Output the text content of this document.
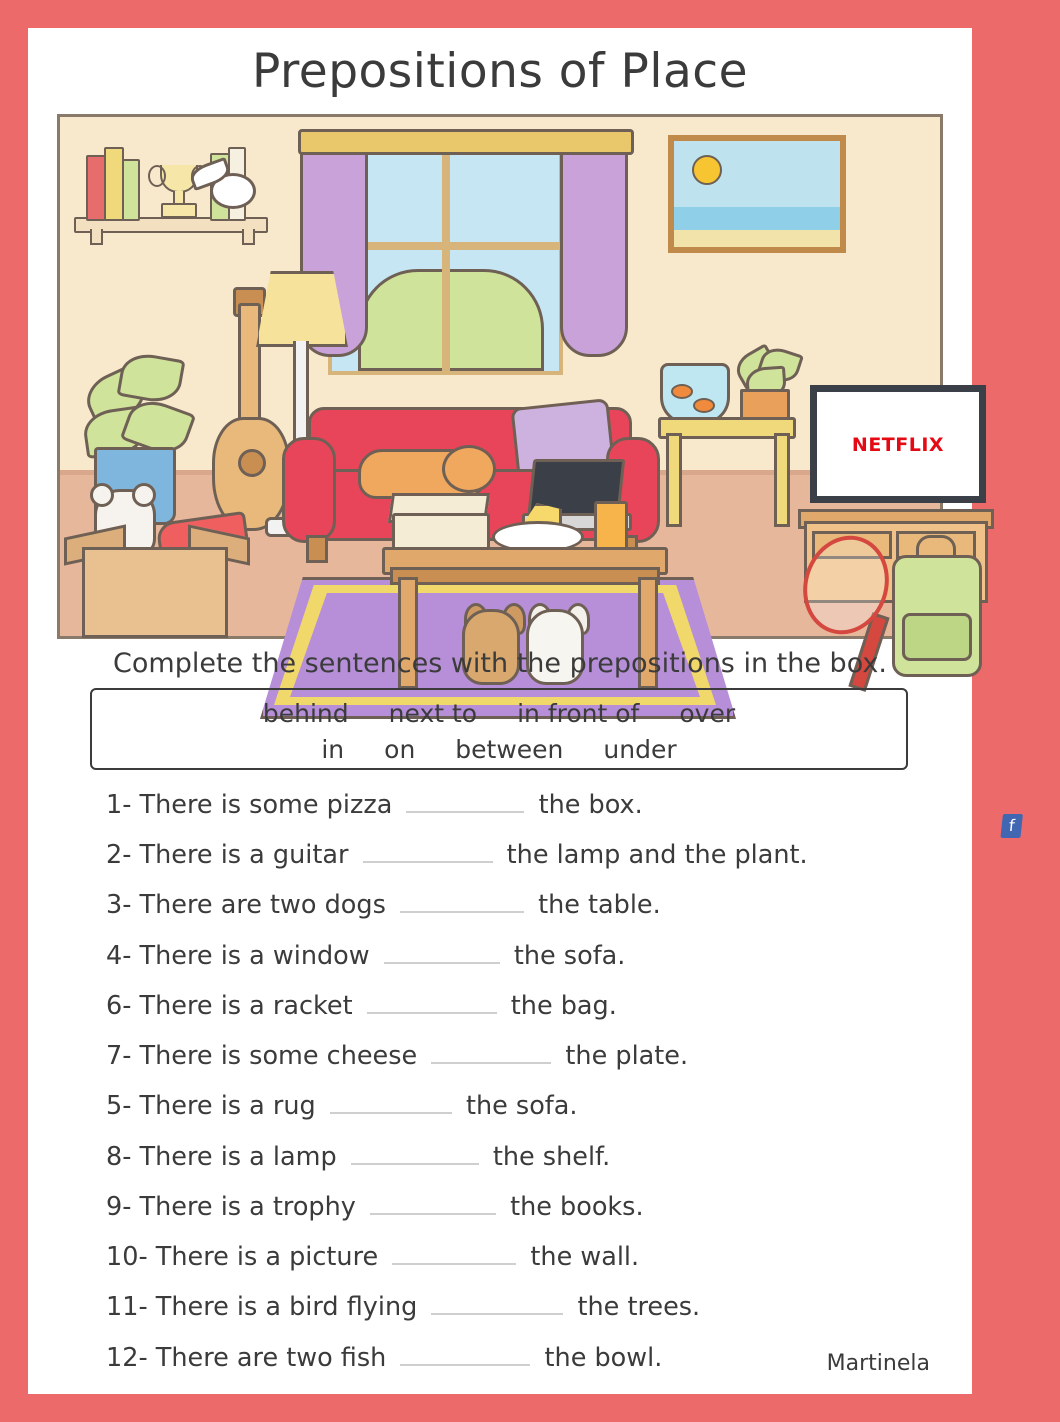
Prepositions of Place
NETFLIX
f
Complete the sentences with the prepositions in the box.
behind next to in front of over
in on between under
1- There is some pizza	the box.
2- There is a guitar	the lamp and the plant.
3- There are two dogs	the table.
4- There is a window	the sofa.
6- There is a racket	the bag.
7- There is some cheese	the plate.
5- There is a rug	the sofa.
8- There is a lamp	the shelf.
9- There is a trophy	the books.
10- There is a picture	the wall.
11- There is a bird flying	the trees.
12- There are two fish	the bowl.	Martinela
